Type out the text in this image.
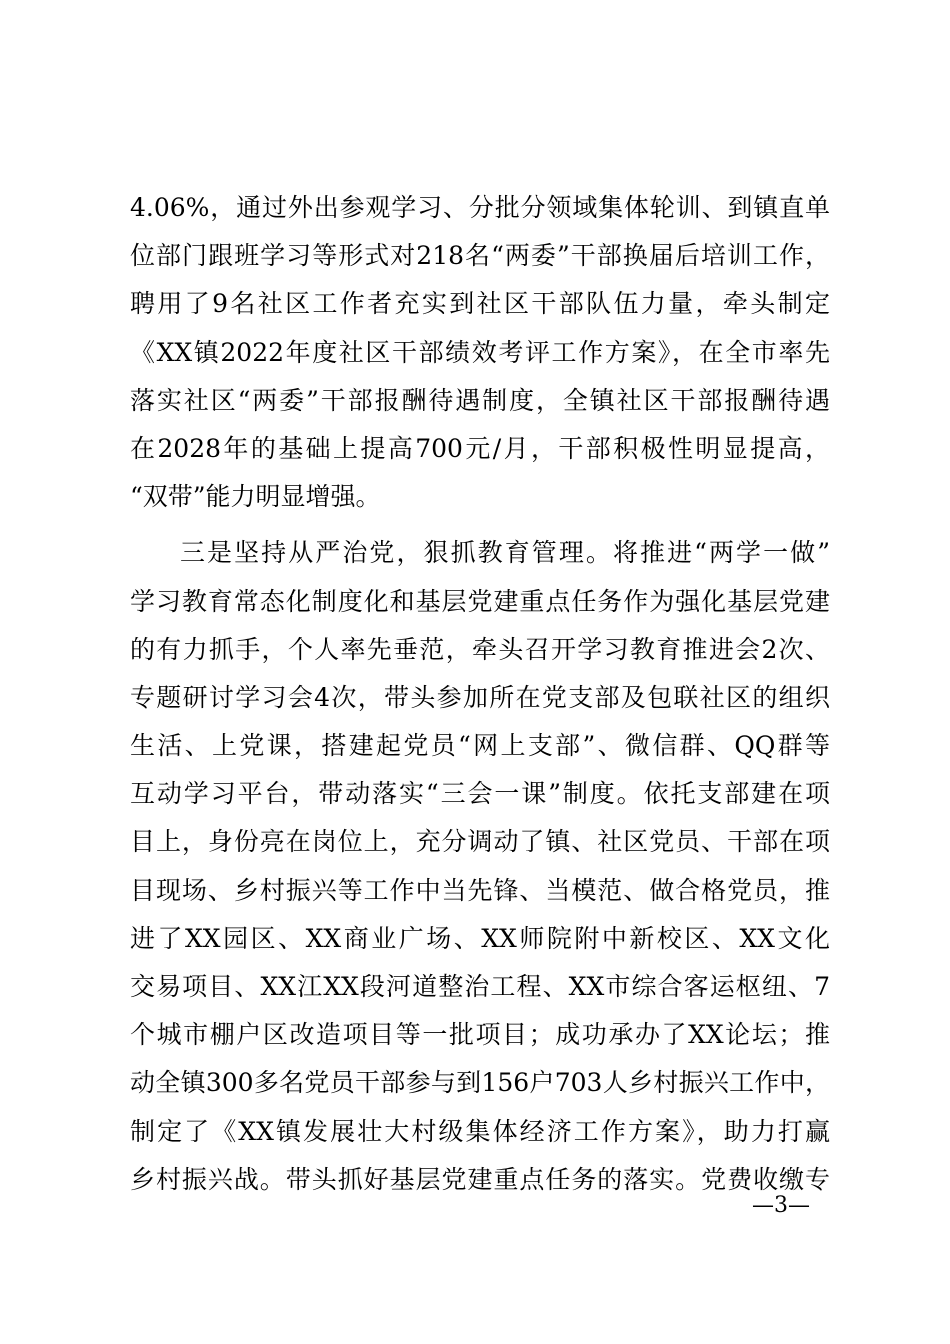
4.06%，通过外出参观学习、分批分领域集体轮训、到镇直单
位部门跟班学习等形式对218名“两委”干部换届后培训工作，
聘用了9名社区工作者充实到社区干部队伍力量，牵头制定
《XX镇2022年度社区干部绩效考评工作方案》，在全市率先
落实社区“两委”干部报酬待遇制度，全镇社区干部报酬待遇
在2028年的基础上提高700元/月，干部积极性明显提高，
“双带”能力明显增强。
三是坚持从严治党，狠抓教育管理。将推进“两学一做”
学习教育常态化制度化和基层党建重点任务作为强化基层党建
的有力抓手，个人率先垂范，牵头召开学习教育推进会2次、
专题研讨学习会4次，带头参加所在党支部及包联社区的组织
生活、上党课，搭建起党员“网上支部”、微信群、QQ群等
互动学习平台，带动落实“三会一课”制度。依托支部建在项
目上，身份亮在岗位上，充分调动了镇、社区党员、干部在项
目现场、乡村振兴等工作中当先锋、当模范、做合格党员，推
进了XX园区、XX商业广场、XX师院附中新校区、XX文化
交易项目、XX江XX段河道整治工程、XX市综合客运枢纽、7
个城市棚户区改造项目等一批项目；成功承办了XX论坛；推
动全镇300多名党员干部参与到156户703人乡村振兴工作中，
制定了《XX镇发展壮大村级集体经济工作方案》，助力打赢
乡村振兴战。带头抓好基层党建重点任务的落实。党费收缴专
—3—
